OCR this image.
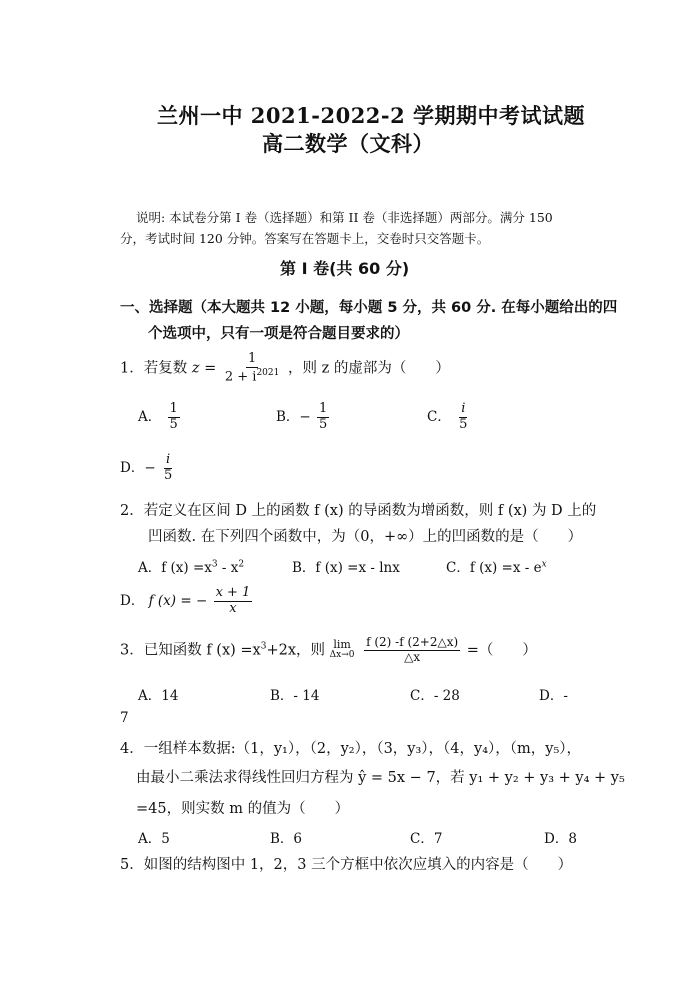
兰州一中 2021-2022-2 学期期中考试试题
高二数学（文科）
说明: 本试卷分第 I 卷（选择题）和第 II 卷（非选择题）两部分。满分 150
分，考试时间 120 分钟。答案写在答题卡上，交卷时只交答题卡。
第 I 卷(共 60 分)
一、选择题（本大题共 12 小题，每小题 5 分，共 60 分. 在每小题给出的四
个选项中，只有一项是符合题目要求的）
1．若复数 $z = \frac{1}{2 + i^{2021}}$ ，则 z 的虚部为（　　）
A． $\frac{1}{5}$	B．− $\frac{1}{5}$	C． $\frac{i}{5}$
D．− $\frac{i}{5}$
2．若定义在区间 D 上的函数 f (x) 的导函数为增函数，则 f (x) 为 D 上的
凹函数. 在下列四个函数中，为（0，+∞）上的凹函数的是（　　）
A．f $(x) =x^3 - x^2$	B．f (x) =x - lnx	C．f $(x) =x - e^x$
D． f (x) = − $\frac{x + 1}{x}$
3．已知函数 f $(x) =x^3+2x$，则 lim
Δx→0
$\frac{f (2) -f (2+2\triangle x)}{\triangle x}$ =（　　）
A．14	B．- 14	C．- 28	D．-
7
4．一组样本数据:（1，y₁），（2，y₂），（3，y₃），（4，y₄），（m，y₅），
由最小二乘法求得线性回归方程为 ŷ = 5x − 7，若 y₁ + y₂ + y₃ + y₄ + y₅
=45，则实数 m 的值为（　　）
A．5	B．6	C．7	D．8
5．如图的结构图中 1，2，3 三个方框中依次应填入的内容是（　　）
